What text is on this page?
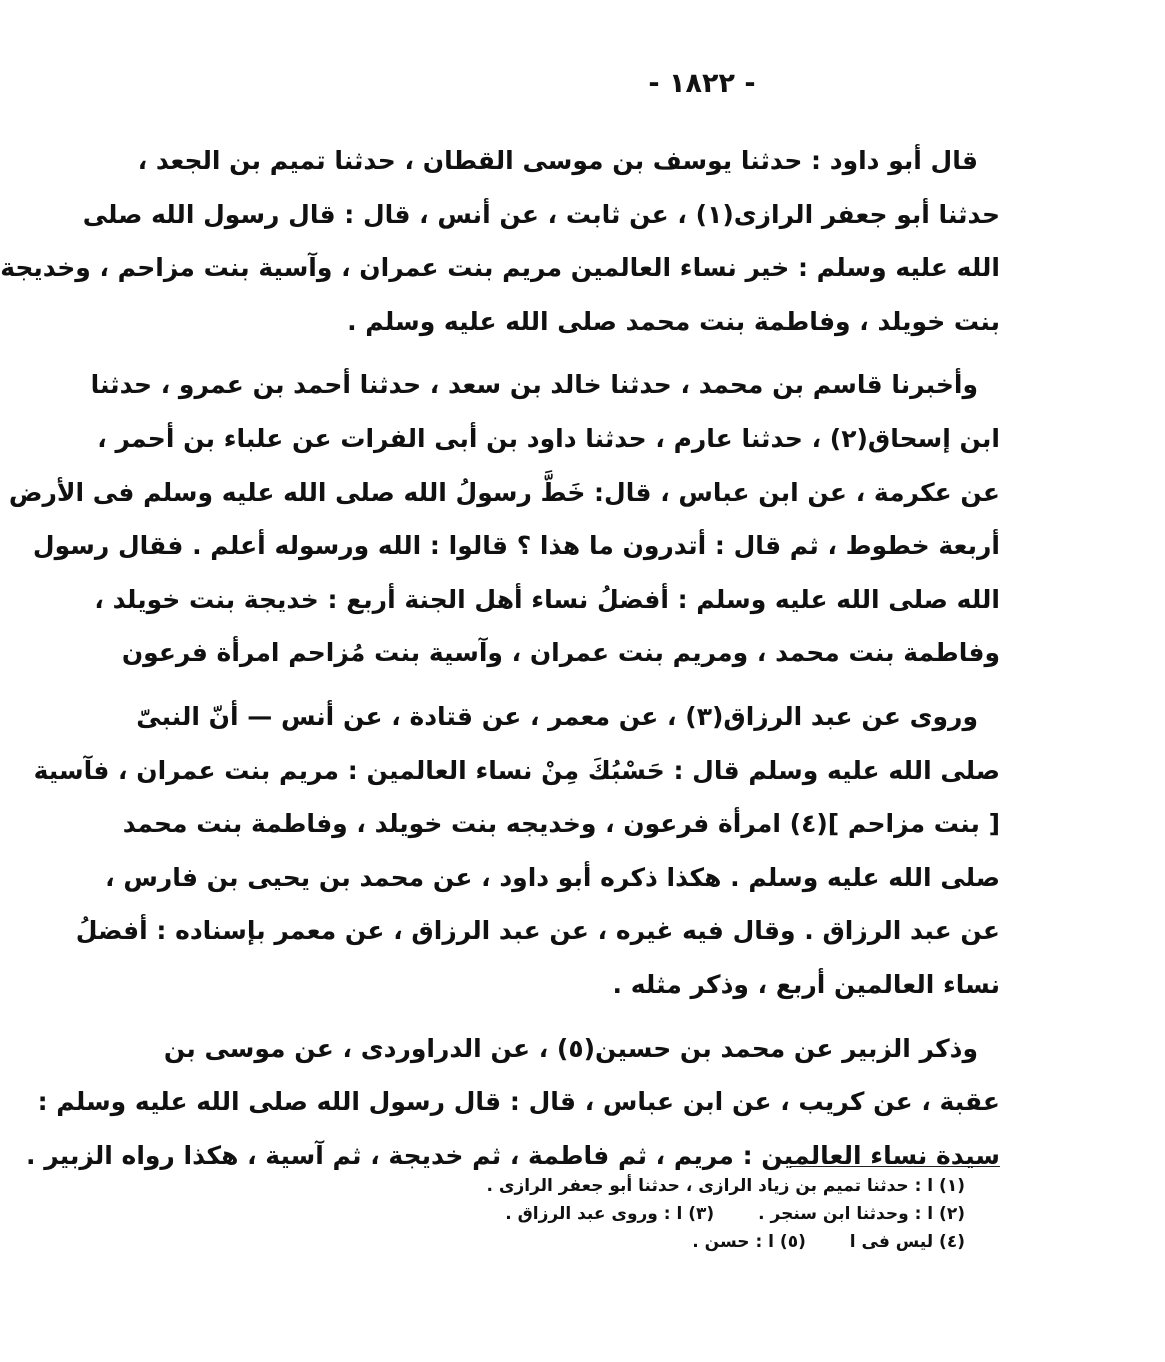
- ١٨٢٢ -
قال أبو داود : حدثنا يوسف بن موسى القطان ، حدثنا تميم بن الجعد ،
حدثنا أبو جعفر الرازى(١) ، عن ثابت ، عن أنس ، قال : قال رسول الله صلى
الله عليه وسلم : خير نساء العالمين مريم بنت عمران ، وآسية بنت مزاحم ، وخديجة
بنت خويلد ، وفاطمة بنت محمد صلى الله عليه وسلم .
وأخبرنا قاسم بن محمد ، حدثنا خالد بن سعد ، حدثنا أحمد بن عمرو ، حدثنا
ابن إسحاق(٢) ، حدثنا عارم ، حدثنا داود بن أبى الفرات عن علباء بن أحمر ،
عن عكرمة ، عن ابن عباس ، قال: خَطَّ رسولُ الله صلى الله عليه وسلم فى الأرض
أربعة خطوط ، ثم قال : أتدرون ما هذا ؟ قالوا : الله ورسوله أعلم . فقال رسول
الله صلى الله عليه وسلم : أفضلُ نساء أهل الجنة أربع : خديجة بنت خويلد ،
وفاطمة بنت محمد ، ومريم بنت عمران ، وآسية بنت مُزاحم امرأة فرعون
وروى عن عبد الرزاق(٣) ، عن معمر ، عن قتادة ، عن أنس — أنّ النبىّ
صلى الله عليه وسلم قال : حَسْبُكَ مِنْ نساء العالمين : مريم بنت عمران ، فآسية
[ بنت مزاحم ](٤) امرأة فرعون ، وخديجه بنت خويلد ، وفاطمة بنت محمد
صلى الله عليه وسلم . هكذا ذكره أبو داود ، عن محمد بن يحيى بن فارس ،
عن عبد الرزاق . وقال فيه غيره ، عن عبد الرزاق ، عن معمر بإسناده : أفضلُ
نساء العالمين أربع ، وذكر مثله .
وذكر الزبير عن محمد بن حسين(٥) ، عن الدراوردى ، عن موسى بن
عقبة ، عن كريب ، عن ابن عباس ، قال : قال رسول الله صلى الله عليه وسلم :
سيدة نساء العالمين : مريم ، ثم فاطمة ، ثم خديجة ، ثم آسية ، هكذا رواه الزبير .
(١) ا : حدثنا تميم بن زياد الرازى ، حدثنا أبو جعفر الرازى .
(٢) ا : وحدثنا ابن سنجر . (٣) ا : وروى عبد الرزاق .
(٤) ليس فى ا (٥) ا : حسن .
